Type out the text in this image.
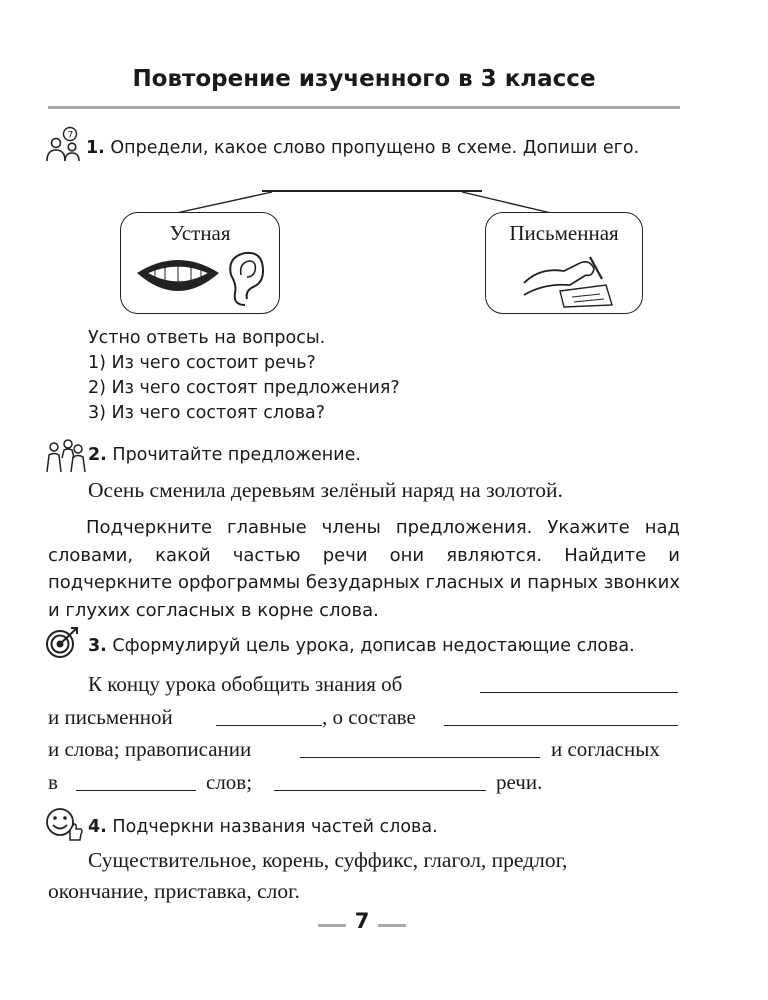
Повторение изученного в 3 классе
7
1. Определи, какое слово пропущено в схеме. Допиши его.
Устная	Письменная
Устно ответь на вопросы.
1) Из чего состоит речь?
2) Из чего состоят предложения?
3) Из чего состоят слова?
2. Прочитайте предложение.
Осень сменила деревьям зелёный наряд на золотой.
Подчеркните главные члены предложения. Укажите над словами, какой частью речи они являются. Найдите и подчеркните орфограммы безударных гласных и парных звонких и глухих согласных в корне слова.
3. Сформулируй цель урока, дописав недостающие слова.
К концу урока обобщить знания об
и письменной	, о составе
и слова; правописании	и согласных
в	слов;	речи.
4. Подчеркни названия частей слова.
Существительное, корень, суффикс, глагол, предлог,
окончание, приставка, слог.
7
